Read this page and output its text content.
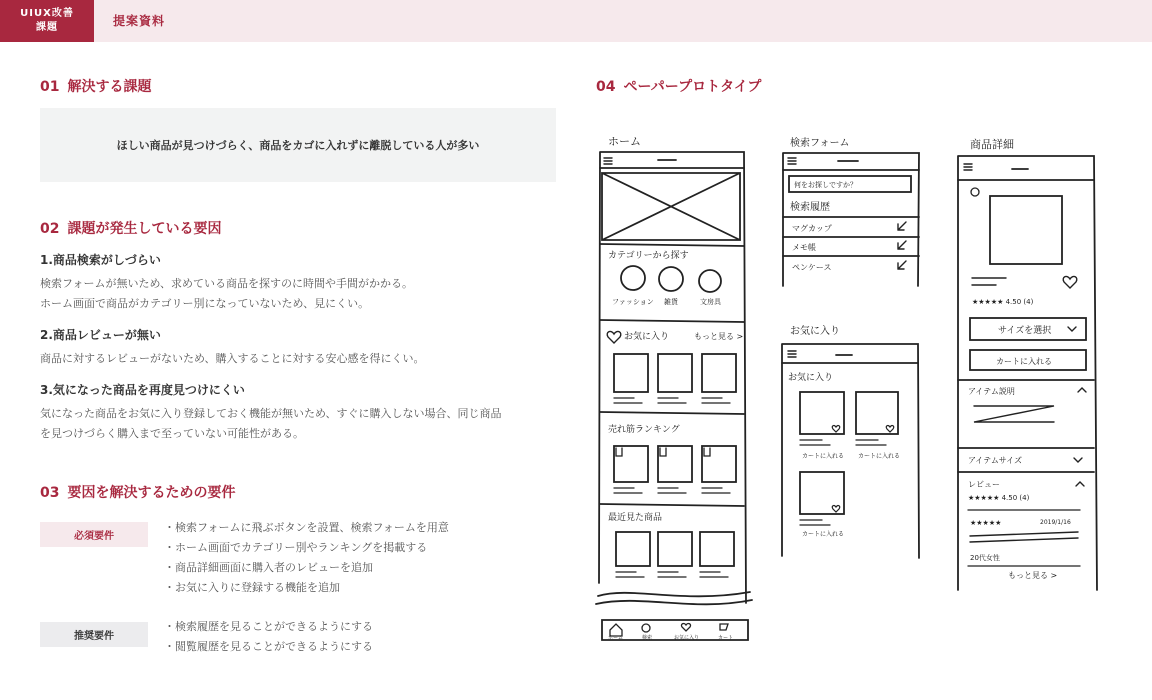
UIUX改善
課題	提案資料
01 解決する課題
ほしい商品が見つけづらく、商品をカゴに入れずに離脱している人が多い
02 課題が発生している要因
1.商品検索がしづらい
検索フォームが無いため、求めている商品を探すのに時間や手間がかかる。
ホーム画面で商品がカテゴリー別になっていないため、見にくい。
2.商品レビューが無い
商品に対するレビューがないため、購入することに対する安心感を得にくい。
3.気になった商品を再度見つけにくい
気になった商品をお気に入り登録しておく機能が無いため、すぐに購入しない場合、同じ商品
を見つけづらく購入まで至っていない可能性がある。
03 要因を解決するための要件
必須要件
・検索フォームに飛ぶボタンを設置、検索フォームを用意
・ホーム画面でカテゴリー別やランキングを掲載する
・商品詳細画面に購入者のレビューを追加
・お気に入りに登録する機能を追加
推奨要件
・検索履歴を見ることができるようにする
・閲覧履歴を見ることができるようにする
04 ペーパープロトタイプ
ホーム
カテゴリーから探す
ファッション 雑貨	文房具
お気に入り	もっと見る >
売れ筋ランキング
最近見た商品
ホーム	検索	お気に入り	カート
検索フォーム
何をお探しですか？
検索履歴
マグカップ
メモ帳
ペンケース
お気に入り
お気に入り
カートに入れる カートに入れる
カートに入れる
商品詳細
★★★★★ 4.50 (4)
サイズを選択
カートに入れる
アイテム説明
アイテムサイズ
レビュー
★★★★★ 4.50 (4)
★★★★★	2019/1/16
20代女性
もっと見る >
